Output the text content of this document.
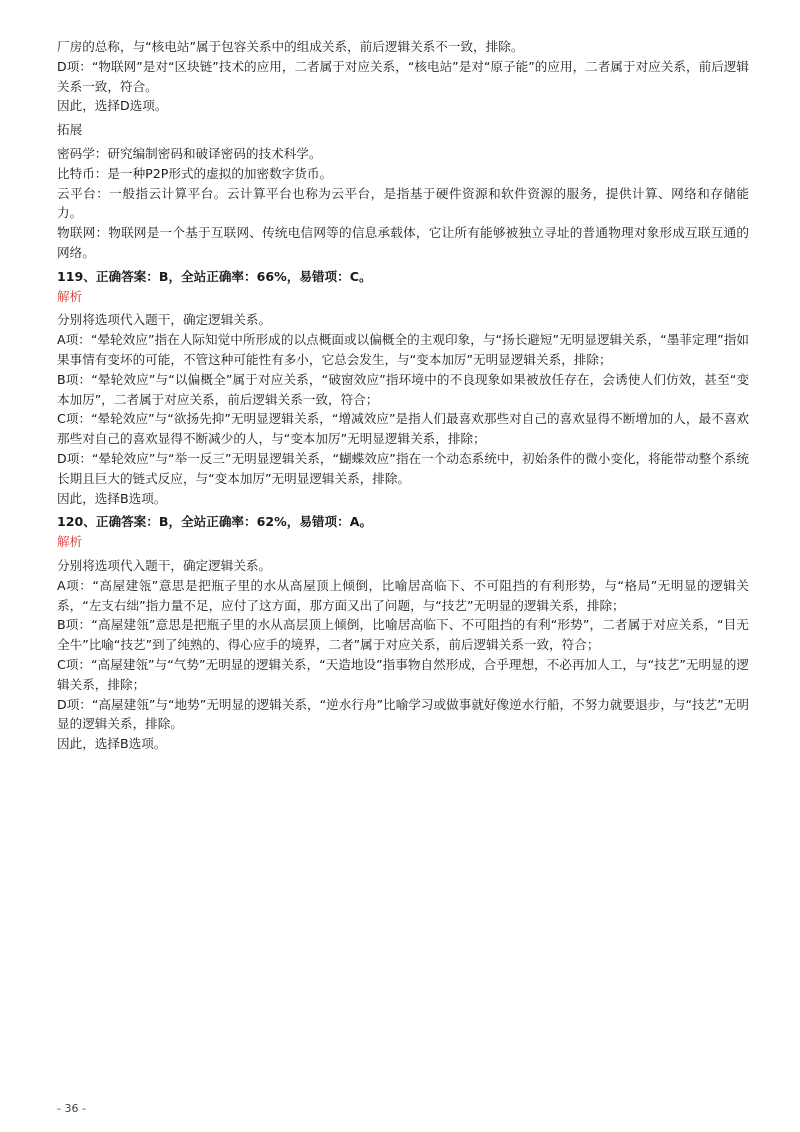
厂房的总称，与“核电站”属于包容关系中的组成关系，前后逻辑关系不一致，排除。

D项：“物联网”是对“区块链”技术的应用，二者属于对应关系，“核电站”是对“原子能”的应用，二者属于对应关系，前后逻辑关系一致，符合。

因此，选择D选项。

拓展

密码学：研究编制密码和破译密码的技术科学。

比特币：是一种P2P形式的虚拟的加密数字货币。

云平台：一般指云计算平台。云计算平台也称为云平台，是指基于硬件资源和软件资源的服务，提供计算、网络和存储能力。

物联网：物联网是一个基于互联网、传统电信网等的信息承载体，它让所有能够被独立寻址的普通物理对象形成互联互通的网络。

119、正确答案：B，全站正确率：66%，易错项：C。

解析

分别将选项代入题干，确定逻辑关系。

A项：“晕轮效应”指在人际知觉中所形成的以点概面或以偏概全的主观印象，与“扬长避短”无明显逻辑关系，“墨菲定理”指如果事情有变坏的可能，不管这种可能性有多小，它总会发生，与“变本加厉”无明显逻辑关系，排除；

B项：“晕轮效应”与“以偏概全”属于对应关系，“破窗效应”指环境中的不良现象如果被放任存在，会诱使人们仿效，甚至“变本加厉”，二者属于对应关系，前后逻辑关系一致，符合；

C项：“晕轮效应”与“欲扬先抑”无明显逻辑关系，“增减效应”是指人们最喜欢那些对自己的喜欢显得不断增加的人，最不喜欢那些对自己的喜欢显得不断减少的人，与“变本加厉”无明显逻辑关系，排除；

D项：“晕轮效应”与“举一反三”无明显逻辑关系，“蝴蝶效应”指在一个动态系统中，初始条件的微小变化，将能带动整个系统长期且巨大的链式反应，与“变本加厉”无明显逻辑关系，排除。

因此，选择B选项。

120、正确答案：B，全站正确率：62%，易错项：A。

解析

分别将选项代入题干，确定逻辑关系。

A项：“高屋建瓴”意思是把瓶子里的水从高屋顶上倾倒，比喻居高临下、不可阻挡的有利形势，与“格局”无明显的逻辑关系，“左支右绌”指力量不足，应付了这方面，那方面又出了问题，与“技艺”无明显的逻辑关系，排除；

B项：“高屋建瓴”意思是把瓶子里的水从高层顶上倾倒，比喻居高临下、不可阻挡的有利“形势”，二者属于对应关系，“目无全牛”比喻“技艺”到了纯熟的、得心应手的境界，二者”属于对应关系，前后逻辑关系一致，符合；

C项：“高屋建瓴”与“气势”无明显的逻辑关系，“天造地设”指事物自然形成，合乎理想，不必再加人工，与“技艺”无明显的逻辑关系，排除；

D项：“高屋建瓴”与“地势”无明显的逻辑关系，“逆水行舟”比喻学习或做事就好像逆水行船，不努力就要退步，与“技艺”无明显的逻辑关系，排除。

因此，选择B选项。

- 36 -
